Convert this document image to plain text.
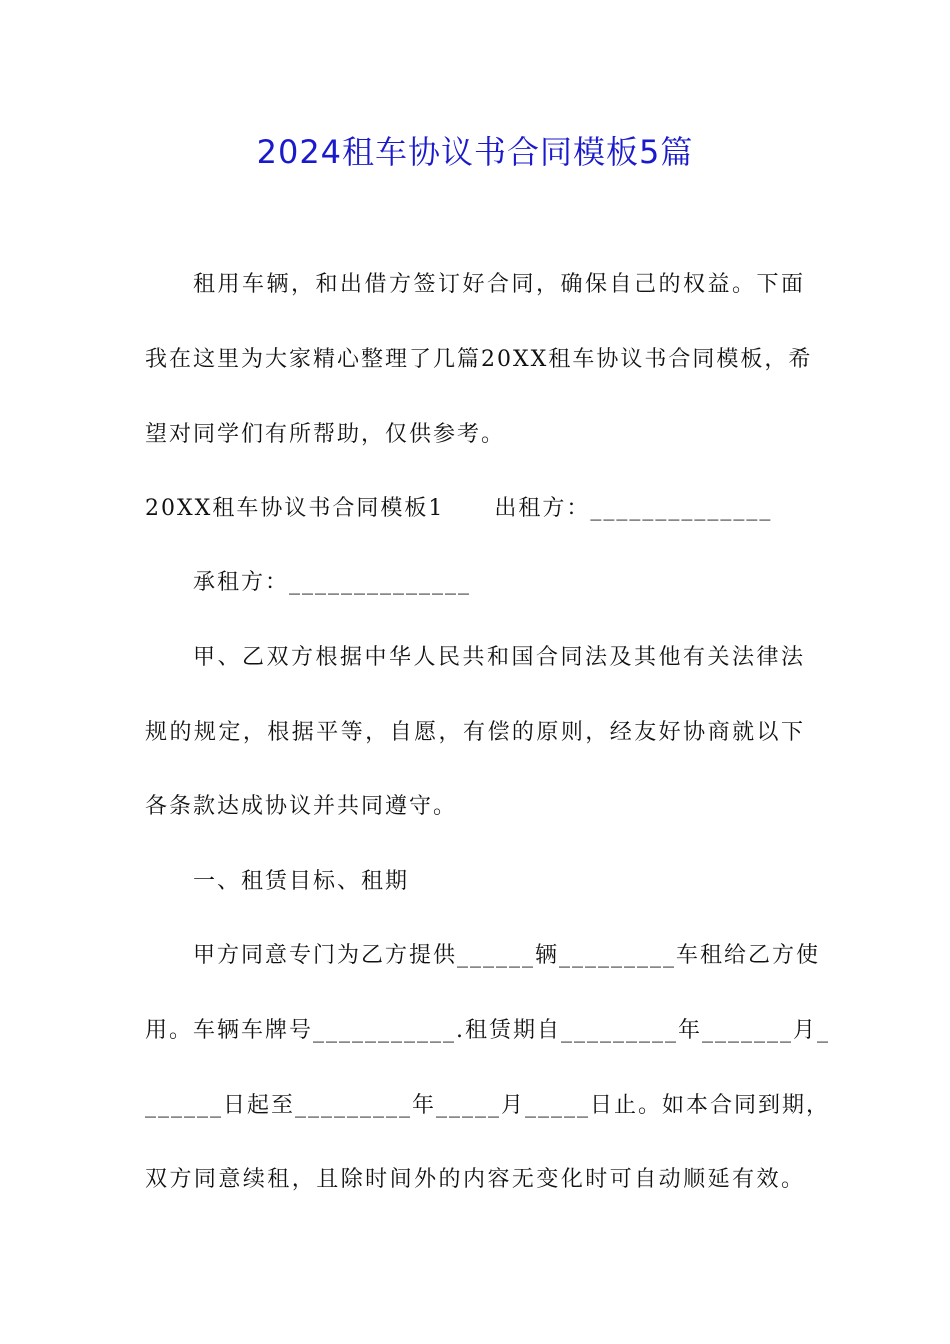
2024租车协议书合同模板5篇
租用车辆，和出借方签订好合同，确保自己的权益。下面
我在这里为大家精心整理了几篇20XX租车协议书合同模板，希
望对同学们有所帮助，仅供参考。
20XX租车协议书合同模板1 出租方：______________
承租方：______________
甲、乙双方根据中华人民共和国合同法及其他有关法律法
规的规定，根据平等，自愿，有偿的原则，经友好协商就以下
各条款达成协议并共同遵守。
一、租赁目标、租期
甲方同意专门为乙方提供______辆_________车租给乙方使
用。车辆车牌号___________.租赁期自_________年_______月_
______日起至_________年_____月_____日止。如本合同到期，
双方同意续租，且除时间外的内容无变化时可自动顺延有效。
